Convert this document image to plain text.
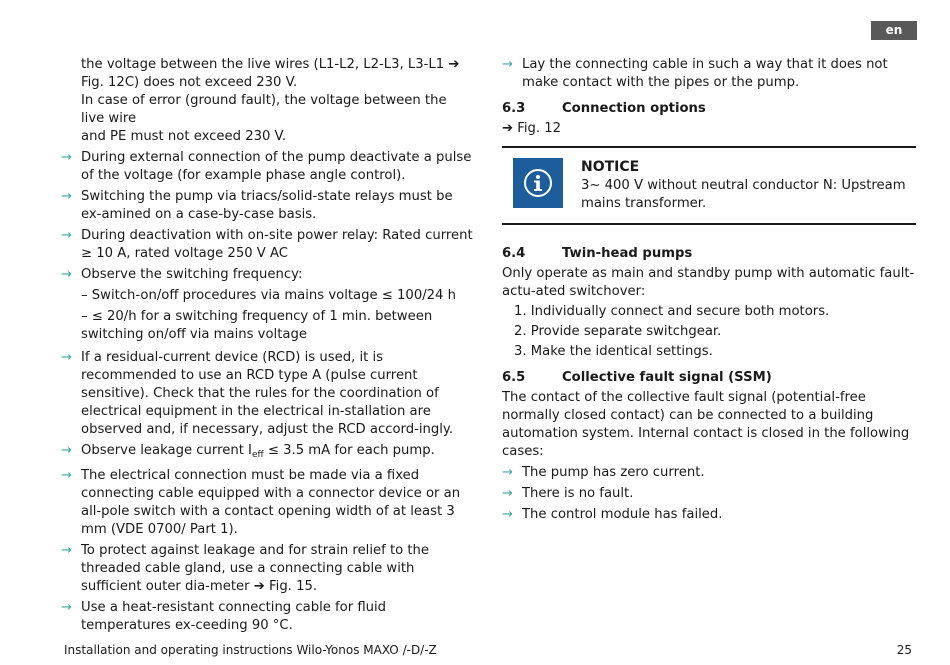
en
the voltage between the live wires (L1-L2, L2-L3, L3-L1 ➔
Fig. 12C) does not exceed 230 V.
In case of error (ground fault), the voltage between the live wire
and PE must not exceed 230 V.
→ During external connection of the pump deactivate a pulse of the voltage (for example phase angle control).
→ Switching the pump via triacs/solid-state relays must be ex-amined on a case-by-case basis.
→ During deactivation with on-site power relay: Rated current ≥ 10 A, rated voltage 250 V AC
→ Observe the switching frequency:
– Switch-on/off procedures via mains voltage ≤ 100/24 h
– ≤ 20/h for a switching frequency of 1 min. between switching on/off via mains voltage
→ If a residual-current device (RCD) is used, it is recommended to use an RCD type A (pulse current sensitive). Check that the rules for the coordination of electrical equipment in the electrical in-stallation are observed and, if necessary, adjust the RCD accord-ingly.
→ Observe leakage current $I_{eff} \le 3.5$ mA for each pump.
→ The electrical connection must be made via a fixed connecting cable equipped with a connector device or an all-pole switch with a contact opening width of at least 3 mm (VDE 0700/ Part 1).
→ To protect against leakage and for strain relief to the threaded cable gland, use a connecting cable with sufficient outer dia-meter ➔ Fig. 15.
→ Use a heat-resistant connecting cable for fluid temperatures ex-ceeding 90 °C.
→ Lay the connecting cable in such a way that it does not make contact with the pipes or the pump.
6.3	Connection options
➔ Fig. 12
NOTICE
3~ 400 V without neutral conductor N: Upstream mains transformer.
6.4	Twin-head pumps
Only operate as main and standby pump with automatic fault-actu-ated switchover:
1. Individually connect and secure both motors.
2. Provide separate switchgear.
3. Make the identical settings.
6.5	Collective fault signal (SSM)
The contact of the collective fault signal (potential-free normally closed contact) can be connected to a building automation system. Internal contact is closed in the following cases:
→ The pump has zero current.
→ There is no fault.
→ The control module has failed.
Installation and operating instructions Wilo-Yonos MAXO /-D/-Z	25
